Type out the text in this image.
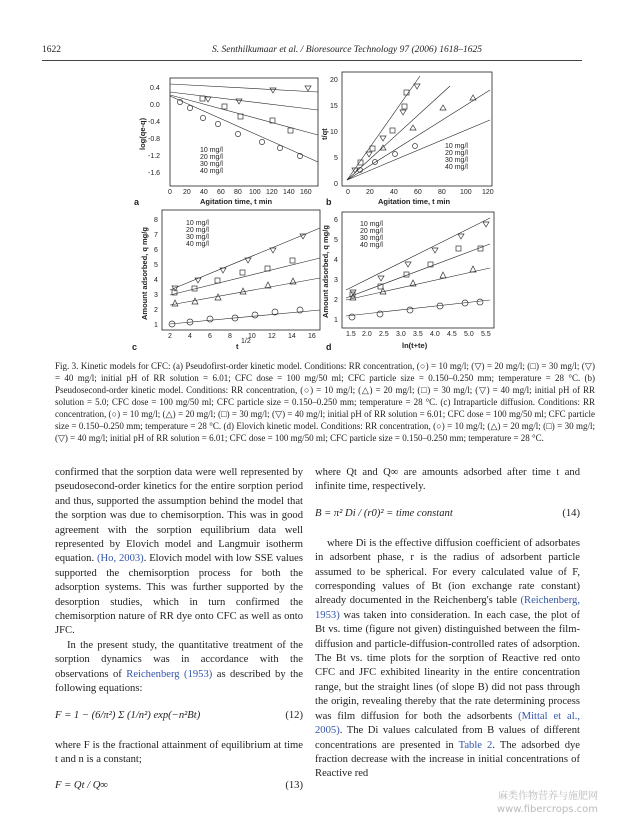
1622	S. Senthilkumaar et al. / Bioresource Technology 97 (2006) 1618–1625
10 mg/l
20 mg/l
30 mg/l
40 mg/l
0.4
0.0
-0.4
-0.8
-1.2
-1.6
0 20 40 60 80 100 120 140 160
Agitation time, t min
log(qe-q)
a
10 mg/l
20 mg/l
30 mg/l
40 mg/l
0
5
10
15
20
0 20 40 60 80 100 120
Agitation time, t min
t/qt
b
10 mg/l
20 mg/l
30 mg/l
40 mg/l
1
2
3
4
5
6
7
8
2 4 6 8 10 12 14 16
t
1/2
Amount adsorbed, q mg/g
c
10 mg/l
20 mg/l
30 mg/l
40 mg/l
1
2
3
4
5
6
1.5 2.0 2.5 3.0 3.5 4.0 4.5 5.0 5.5
ln(t+te)
Amount adsorbed, q mg/g
d
Fig. 3. Kinetic models for CFC: (a) Pseudofirst-order kinetic model. Conditions: RR concentration, (○) = 10 mg/l; (▽) = 20 mg/l; (□) = 30 mg/l; (▽) = 40 mg/l; initial pH of RR solution = 6.01; CFC dose = 100 mg/50 ml; CFC particle size = 0.150–0.250 mm; temperature = 28 °C. (b) Pseudosecond-order kinetic model. Conditions: RR concentration, (○) = 10 mg/l; (△) = 20 mg/l; (□) = 30 mg/l; (▽) = 40 mg/l; initial pH of RR solution = 5.0; CFC dose = 100 mg/50 ml; CFC particle size = 0.150–0.250 mm; temperature = 28 °C. (c) Intraparticle diffusion. Conditions: RR concentration, (○) = 10 mg/l; (△) = 20 mg/l; (□) = 30 mg/l; (▽) = 40 mg/l; initial pH of RR solution = 6.01; CFC dose = 100 mg/50 ml; CFC particle size = 0.150–0.250 mm; temperature = 28 °C. (d) Elovich kinetic model. Conditions: RR concentration, (○) = 10 mg/l; (△) = 20 mg/l; (□) = 30 mg/l; (▽) = 40 mg/l; initial pH of RR solution = 6.01; CFC dose = 100 mg/50 ml; CFC particle size = 0.150–0.250 mm; temperature = 28 °C.

confirmed that the sorption data were well represented by pseudosecond-order kinetics for the entire sorption period and thus, supported the assumption behind the model that the sorption was due to chemisorption. This was in good agreement with the sorption equilibrium data well represented by Elovich model and Langmuir isotherm equation. (Ho, 2003). Elovich model with low SSE values supported the chemisorption process for both the adsorption systems. This was further supported by the desorption studies, which in turn confirmed the chemisorption nature of RR dye onto CFC as well as onto JFC.

In the present study, the quantitative treatment of the sorption dynamics was in accordance with the observations of Reichenberg (1953) as described by the following equations:

F = 1 − (6/π²) Σ (1/n²) exp(−n²Bt)	(12)

where F is the fractional attainment of equilibrium at time t and n is a constant;

F = Qt / Q∞	(13)

where Qt and Q∞ are amounts adsorbed after time t and infinite time, respectively.

B = π² Di / (r0)² = time constant	(14)

where Di is the effective diffusion coefficient of adsorbates in adsorbent phase, r is the radius of adsorbent particle assumed to be spherical. For every calculated value of F, corresponding values of Bt (ion exchange rate constant) already documented in the Reichenberg's table (Reichenberg, 1953) was taken into consideration. In each case, the plot of Bt vs. time (figure not given) distinguished between the film-diffusion and particle-diffusion-controlled rates of adsorption. The Bt vs. time plots for the sorption of Reactive red onto CFC and JFC exhibited linearity in the entire concentration range, but the straight lines (of slope B) did not pass through the origin, revealing thereby that the rate determining process was film diffusion for both the adsorbents (Mittal et al., 2005). The Di values calculated from B values of different concentrations are presented in Table 2. The adsorbed dye fraction decrease with the increase in initial concentrations of Reactive red

麻类作物营养与施肥网
www.fibercrops.com
